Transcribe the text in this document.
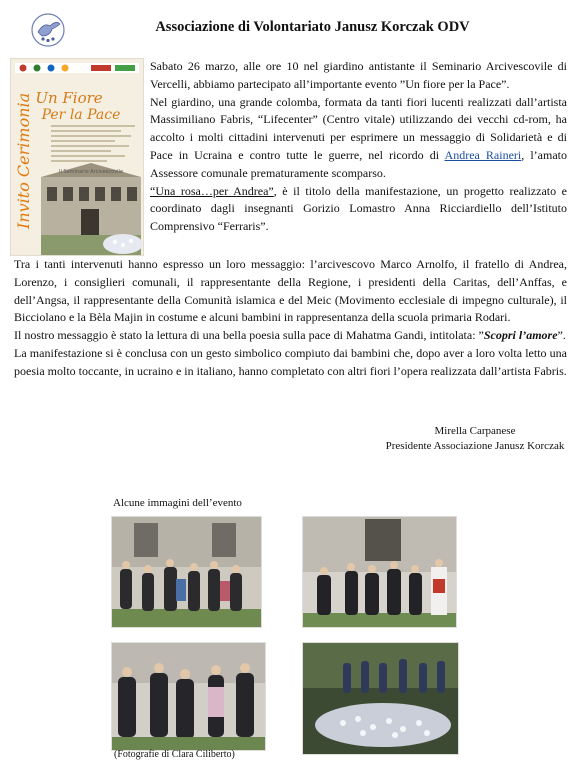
Associazione di Volontariato Janusz Korczak ODV
Un Fiore
Per la Pace
Invito Cerimonia	Il Seminario Arcivescovile

Sabato 26 marzo, alle ore 10 nel giardino antistante il Seminario Arcivescovile di Vercelli, abbiamo partecipato all’importante evento ”Un fiore per la Pace”.

Nel giardino, una grande colomba, formata da tanti fiori lucenti realizzati dall’artista Massimiliano Fabris, “Lifecenter” (Centro vitale) utilizzando dei vecchi cd-rom, ha accolto i molti cittadini intervenuti per esprimere un messaggio di Solidarietà e di Pace in Ucraina e contro tutte le guerre, nel ricordo di Andrea Raineri, l’amato Assessore comunale prematuramente scomparso.

“Una rosa…per Andrea”, è il titolo della manifestazione, un progetto realizzato e coordinato dagli insegnanti Gorizio Lomastro Anna Ricciardiello dell’Istituto Comprensivo “Ferraris”.

Tra i tanti intervenuti hanno espresso un loro messaggio: l’arcivescovo Marco Arnolfo, il fratello di Andrea, Lorenzo, i consiglieri comunali, il rappresentante della Regione, i presidenti della Caritas, dell’Anffas, e dell’Angsa, il rappresentante della Comunità islamica e del Meic (Movimento ecclesiale di impegno culturale), il Bicciolano e la Bèla Majin in costume e alcuni bambini in rappresentanza della scuola primaria Rodari.

Il nostro messaggio è stato la lettura di una bella poesia sulla pace di Mahatma Gandi, intitolata: ”Scopri l’amore”.

La manifestazione si è conclusa con un gesto simbolico compiuto dai bambini che, dopo aver a loro volta letto una poesia molto toccante, in ucraino e in italiano, hanno completato con altri fiori l’opera realizzata dall’artista Fabris.

Mirella Carpanese
Presidente Associazione Janusz Korczak
Alcune immagini dell’evento
(Fotografie di Clara Ciliberto)
